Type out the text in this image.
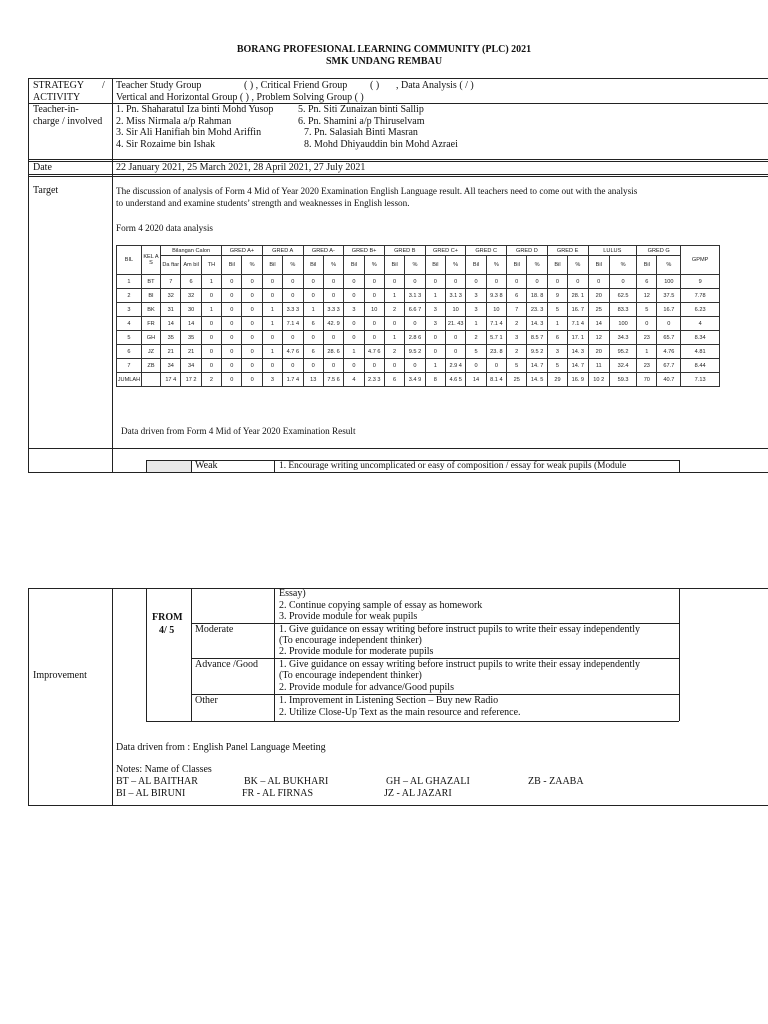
BORANG PROFESIONAL LEARNING COMMUNITY (PLC) 2021
SMK UNDANG REMBAU
STRATEGY /
ACTIVITY
Teacher Study Group	( ) , Critical Friend Group ( ) , Data Analysis ( / )
Vertical and Horizontal Group ( ) , Problem Solving Group ( )
Teacher-in-
charge / involved
1. Pn. Shaharatul Iza binti Mohd Yusop
2. Miss Nirmala a/p Rahman
3. Sir Ali Hanifiah bin Mohd Ariffin
4. Sir Rozaime bin Ishak
5. Pn. Siti Zunaizan binti Sallip
6. Pn. Shamini a/p Thiruselvam
7. Pn. Salasiah Binti Masran
8. Mohd Dhiyauddin bin Mohd Azraei
Date	22 January 2021, 25 March 2021, 28 April 2021, 27 July 2021
Target	The discussion of analysis of Form 4 Mid of Year 2020 Examination English Language result. All teachers need to come out with the analysis
to understand and examine students’ strength and weaknesses in English lesson.
Form 4 2020 data analysis
BIL	KEL AS	Bilangan Calon			GRED A+		GRED A		GRED A-		GRED B+		GRED B		GRED C+		GRED C		GRED D		GRED E		LULUS		GRED G		GPMP
		Da ftar	Am bil	TH	Bil	%	Bil	%	Bil	%	Bil	%	Bil	%	Bil	%	Bil	%	Bil	%	Bil	%	Bil	%	Bil	%	
1	BT	7	6	1	0	0	0	0	0	0	0	0	0	0	0	0	0	0	0	0	0	0	0	0	6	100	9
2	BI	32	32	0	0	0	0	0	0	0	0	0	1	3.1 3	1	3.1 3	3	9.3 8	6	18. 8	9	28. 1	20	62.5	12	37.5	7.78
3	BK	31	30	1	0	0	1	3.3 3	1	3.3 3	3	10	2	6.6 7	3	10	3	10	7	23. 3	5	16. 7	25	83.3	5	16.7	6.23
4	FR	14	14	0	0	0	1	7.1 4	6	42. 9	0	0	0	0	3	21. 43	1	7.1 4	2	14. 3	1	7.1 4	14	100	0	0	4
5	GH	35	35	0	0	0	0	0	0	0	0	0	1	2.8 6	0	0	2	5.7 1	3	8.5 7	6	17. 1	12	34.3	23	65.7	8.34
6	JZ	21	21	0	0	0	1	4.7 6	6	28. 6	1	4.7 6	2	9.5 2	0	0	5	23. 8	2	9.5 2	3	14. 3	20	95.2	1	4.76	4.81
7	ZB	34	34	0	0	0	0	0	0	0	0	0	0	0	1	2.9 4	0	0	5	14. 7	5	14. 7	11	32.4	23	67.7	8.44
JUMLAH		17 4	17 2	2	0	0	3	1.7 4	13	7.5 6	4	2.3 3	6	3.4 9	8	4.6 5	14	8.1 4	25	14. 5	29	16. 9	10 2	59.3	70	40.7	7.13
Data driven from Form 4 Mid of Year 2020 Examination Result
Weak	1. Encourage writing uncomplicated or easy of composition / essay for weak pupils (Module
Improvement
FROM
4/ 5
Essay)
2. Continue copying sample of essay as homework
3. Provide module for weak pupils
Moderate	1. Give guidance on essay writing before instruct pupils to write their essay independently
(To encourage independent thinker)
2. Provide module for moderate pupils
Advance /Good 1. Give guidance on essay writing before instruct pupils to write their essay independently
(To encourage independent thinker)
2. Provide module for advance/Good pupils
Other	1. Improvement in Listening Section – Buy new Radio
2. Utilize Close-Up Text as the main resource and reference.
Data driven from : English Panel Language Meeting
Notes: Name of Classes
BT – AL BAITHAR	BK – AL BUKHARI	GH – AL GHAZALI	ZB - ZAABA
BI – AL BIRUNI	FR - AL FIRNAS	JZ - AL JAZARI
